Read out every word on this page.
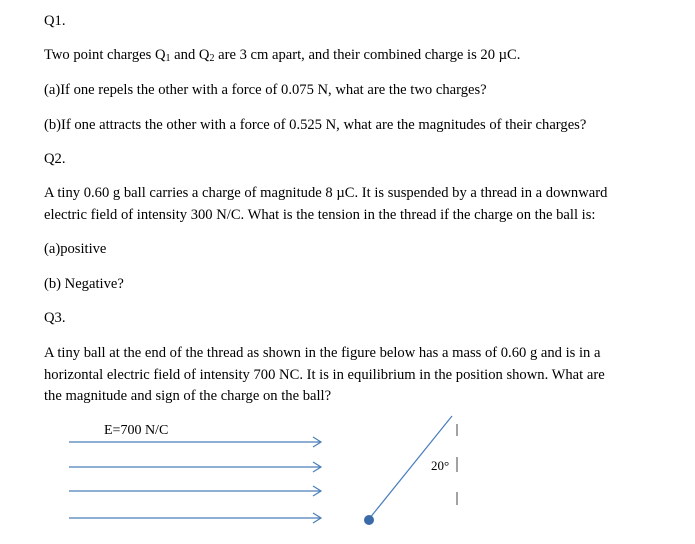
Q1.
Two point charges $Q_1$ and $Q_2$ are 3 cm apart, and their combined charge is 20 µC.
(a)If one repels the other with a force of 0.075 N, what are the two charges?
(b)If one attracts the other with a force of 0.525 N, what are the magnitudes of their charges?
Q2.
A tiny 0.60 g ball carries a charge of magnitude 8 µC. It is suspended by a thread in a downward
electric field of intensity 300 N/C. What is the tension in the thread if the charge on the ball is:
(a)positive
(b) Negative?
Q3.
A tiny ball at the end of the thread as shown in the figure below has a mass of 0.60 g and is in a
horizontal electric field of intensity 700 NC. It is in equilibrium in the position shown. What are
the magnitude and sign of the charge on the ball?
E=700 N/C
20°
